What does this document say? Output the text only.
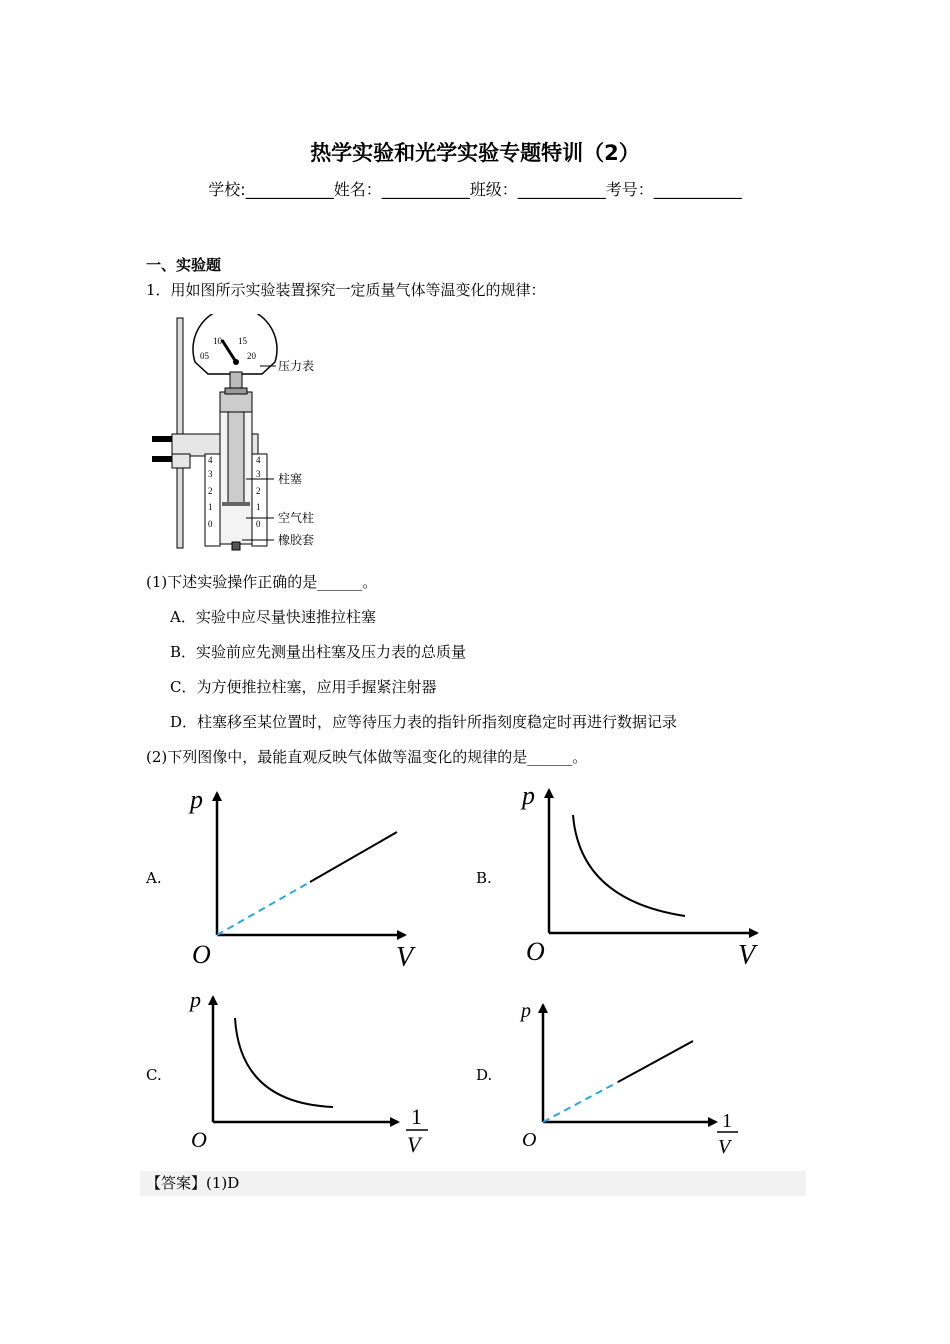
热学实验和光学实验专题特训（2）
学校:___________姓名：___________班级：___________考号：___________
一、实验题
1．用如图所示实验装置探究一定质量气体等温变化的规律：
05
10 15
20
4
3
2
1
0
4
3
2
1
0
压力表
柱塞
空气柱
橡胶套
(1)下述实验操作正确的是______。
A．实验中应尽量快速推拉柱塞
B．实验前应先测量出柱塞及压力表的总质量
C．为方便推拉柱塞，应用手握紧注射器
D．柱塞移至某位置时，应等待压力表的指针所指刻度稳定时再进行数据记录
(2)下列图像中，最能直观反映气体做等温变化的规律的是______。
A.	B.
C.	D.
p
O	V
p
O	V
p
O
1
V
p
O
1
V
【答案】(1)D
